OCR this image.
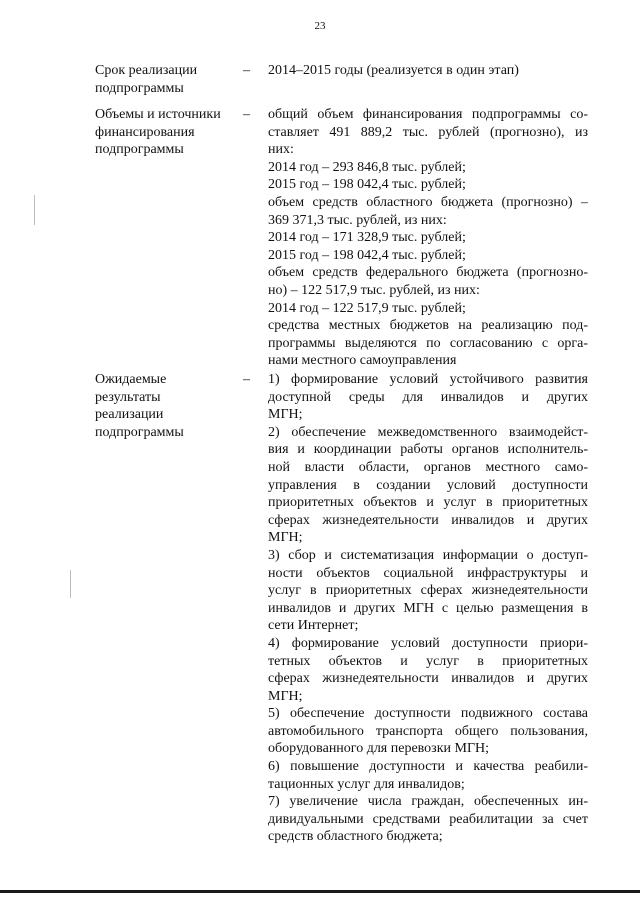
23
Срок реализации
подпрограммы
– 2014–2015 годы (реализуется в один этап)

Объемы и источники
финансирования
подпрограммы
– общий объем финансирования подпрограммы со-

ставляет 491 889,2 тыс. рублей (прогнозно), из

них:

2014 год – 293 846,8 тыс. рублей;

2015 год – 198 042,4 тыс. рублей;

объем средств областного бюджета (прогнозно) –

369 371,3 тыс. рублей, из них:

2014 год – 171 328,9 тыс. рублей;

2015 год – 198 042,4 тыс. рублей;

объем средств федерального бюджета (прогнозно-

но) – 122 517,9 тыс. рублей, из них:

2014 год – 122 517,9 тыс. рублей;

средства местных бюджетов на реализацию под-

программы выделяются по согласованию с орга-

нами местного самоуправления

Ожидаемые
результаты
реализации
подпрограммы
– 1) формирование условий устойчивого развития

доступной среды для инвалидов и других

МГН;

2) обеспечение межведомственного взаимодейст-

вия и координации работы органов исполнитель-

ной власти области, органов местного само-

управления в создании условий доступности

приоритетных объектов и услуг в приоритетных

сферах жизнедеятельности инвалидов и других

МГН;

3) сбор и систематизация информации о доступ-

ности объектов социальной инфраструктуры и

услуг в приоритетных сферах жизнедеятельности

инвалидов и других МГН с целью размещения в

сети Интернет;

4) формирование условий доступности приори-

тетных объектов и услуг в приоритетных

сферах жизнедеятельности инвалидов и других

МГН;

5) обеспечение доступности подвижного состава

автомобильного транспорта общего пользования,

оборудованного для перевозки МГН;

6) повышение доступности и качества реабили-

тационных услуг для инвалидов;

7) увеличение числа граждан, обеспеченных ин-

дивидуальными средствами реабилитации за счет

средств областного бюджета;
